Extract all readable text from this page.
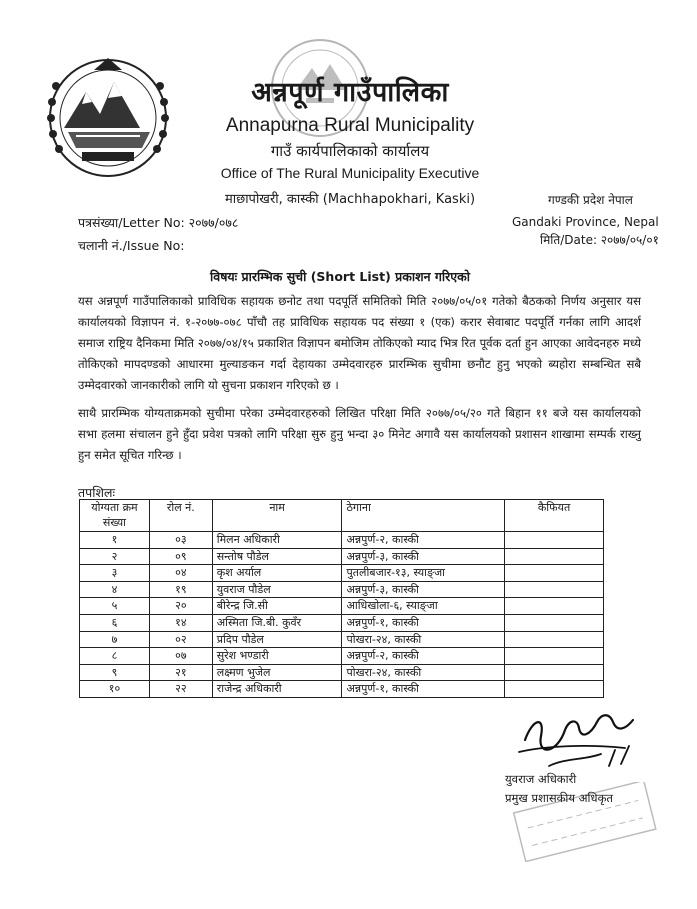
अन्नपूर्ण गाउँपालिका
Annapurna Rural Municipality
गाउँ कार्यपालिकाको कार्यालय
Office of The Rural Municipality Executive
माछापोखरी, कास्की (Machhapokhari, Kaski)	गण्डकी प्रदेश नेपाल
Gandaki Province, Nepal
मिति/Date: २०७७/०५/०१
पत्रसंख्या/Letter No: २०७७/०७८
चलानी नं./Issue No:
विषयः प्रारम्भिक सुची (Short List) प्रकाशन गरिएको
यस अन्नपूर्ण गाउँपालिकाको प्राविधिक सहायक छनोट तथा पदपूर्ति समितिको मिति २०७७/०५/०१ गतेको बैठकको निर्णय अनुसार यस कार्यालयको विज्ञापन नं. १-२०७७-०७८ पाँचौ तह प्राविधिक सहायक पद संख्या १ (एक) करार सेवाबाट पदपूर्ति गर्नका लागि आदर्श समाज राष्ट्रिय दैनिकमा मिति २०७७/०४/१५ प्रकाशित विज्ञापन बमोजिम तोकिएको म्याद भित्र रित पूर्वक दर्ता हुन आएका आवेदनहरु मध्ये तोकिएको मापदण्डको आधारमा मुल्याङकन गर्दा देहायका उम्मेदवारहरु प्रारम्भिक सुचीमा छनौट हुनु भएको ब्यहोरा सम्बन्धित सबै उम्मेदवारको जानकारीको लागि यो सुचना प्रकाशन गरिएको छ ।
साथै प्रारम्भिक योग्यताक्रमको सुचीमा परेका उम्मेदवारहरुको लिखित परिक्षा मिति २०७७/०५/२० गते बिहान ११ बजे यस कार्यालयको सभा हलमा संचालन हुने हुँदा प्रवेश पत्रको लागि परिक्षा सुरु हुनु भन्दा ३० मिनेट अगावै यस कार्यालयको प्रशासन शाखामा सम्पर्क राख्नु हुन समेत सूचित गरिन्छ ।
तपशिलः
योग्यता क्रम संख्या	रोल नं.	नाम	ठेगाना	कैफियत
१	०३	मिलन अधिकारी	अन्नपुर्ण-२, कास्की	
२	०९	सन्तोष पौडेल	अन्नपुर्ण-३, कास्की	
३	०४	कृश अर्याल	पुतलीबजार-१३, स्याङ्जा	
४	१९	युवराज पौडेल	अन्नपुर्ण-३, कास्की	
५	२०	बीरेन्द्र जि.सी	आधिखोला-६, स्याङ्जा	
६	१४	अस्मिता जि.बी. कुवँर	अन्नपुर्ण-१, कास्की	
७	०२	प्रदिप पौडेल	पोखरा-२४, कास्की	
८	०७	सुरेश भण्डारी	अन्नपुर्ण-२, कास्की	
९	२१	लक्ष्मण भुजेल	पोखरा-२४, कास्की	
१०	२२	राजेन्द्र अधिकारी	अन्नपुर्ण-१, कास्की	
युवराज अधिकारी
प्रमुख प्रशासकीय अधिकृत
